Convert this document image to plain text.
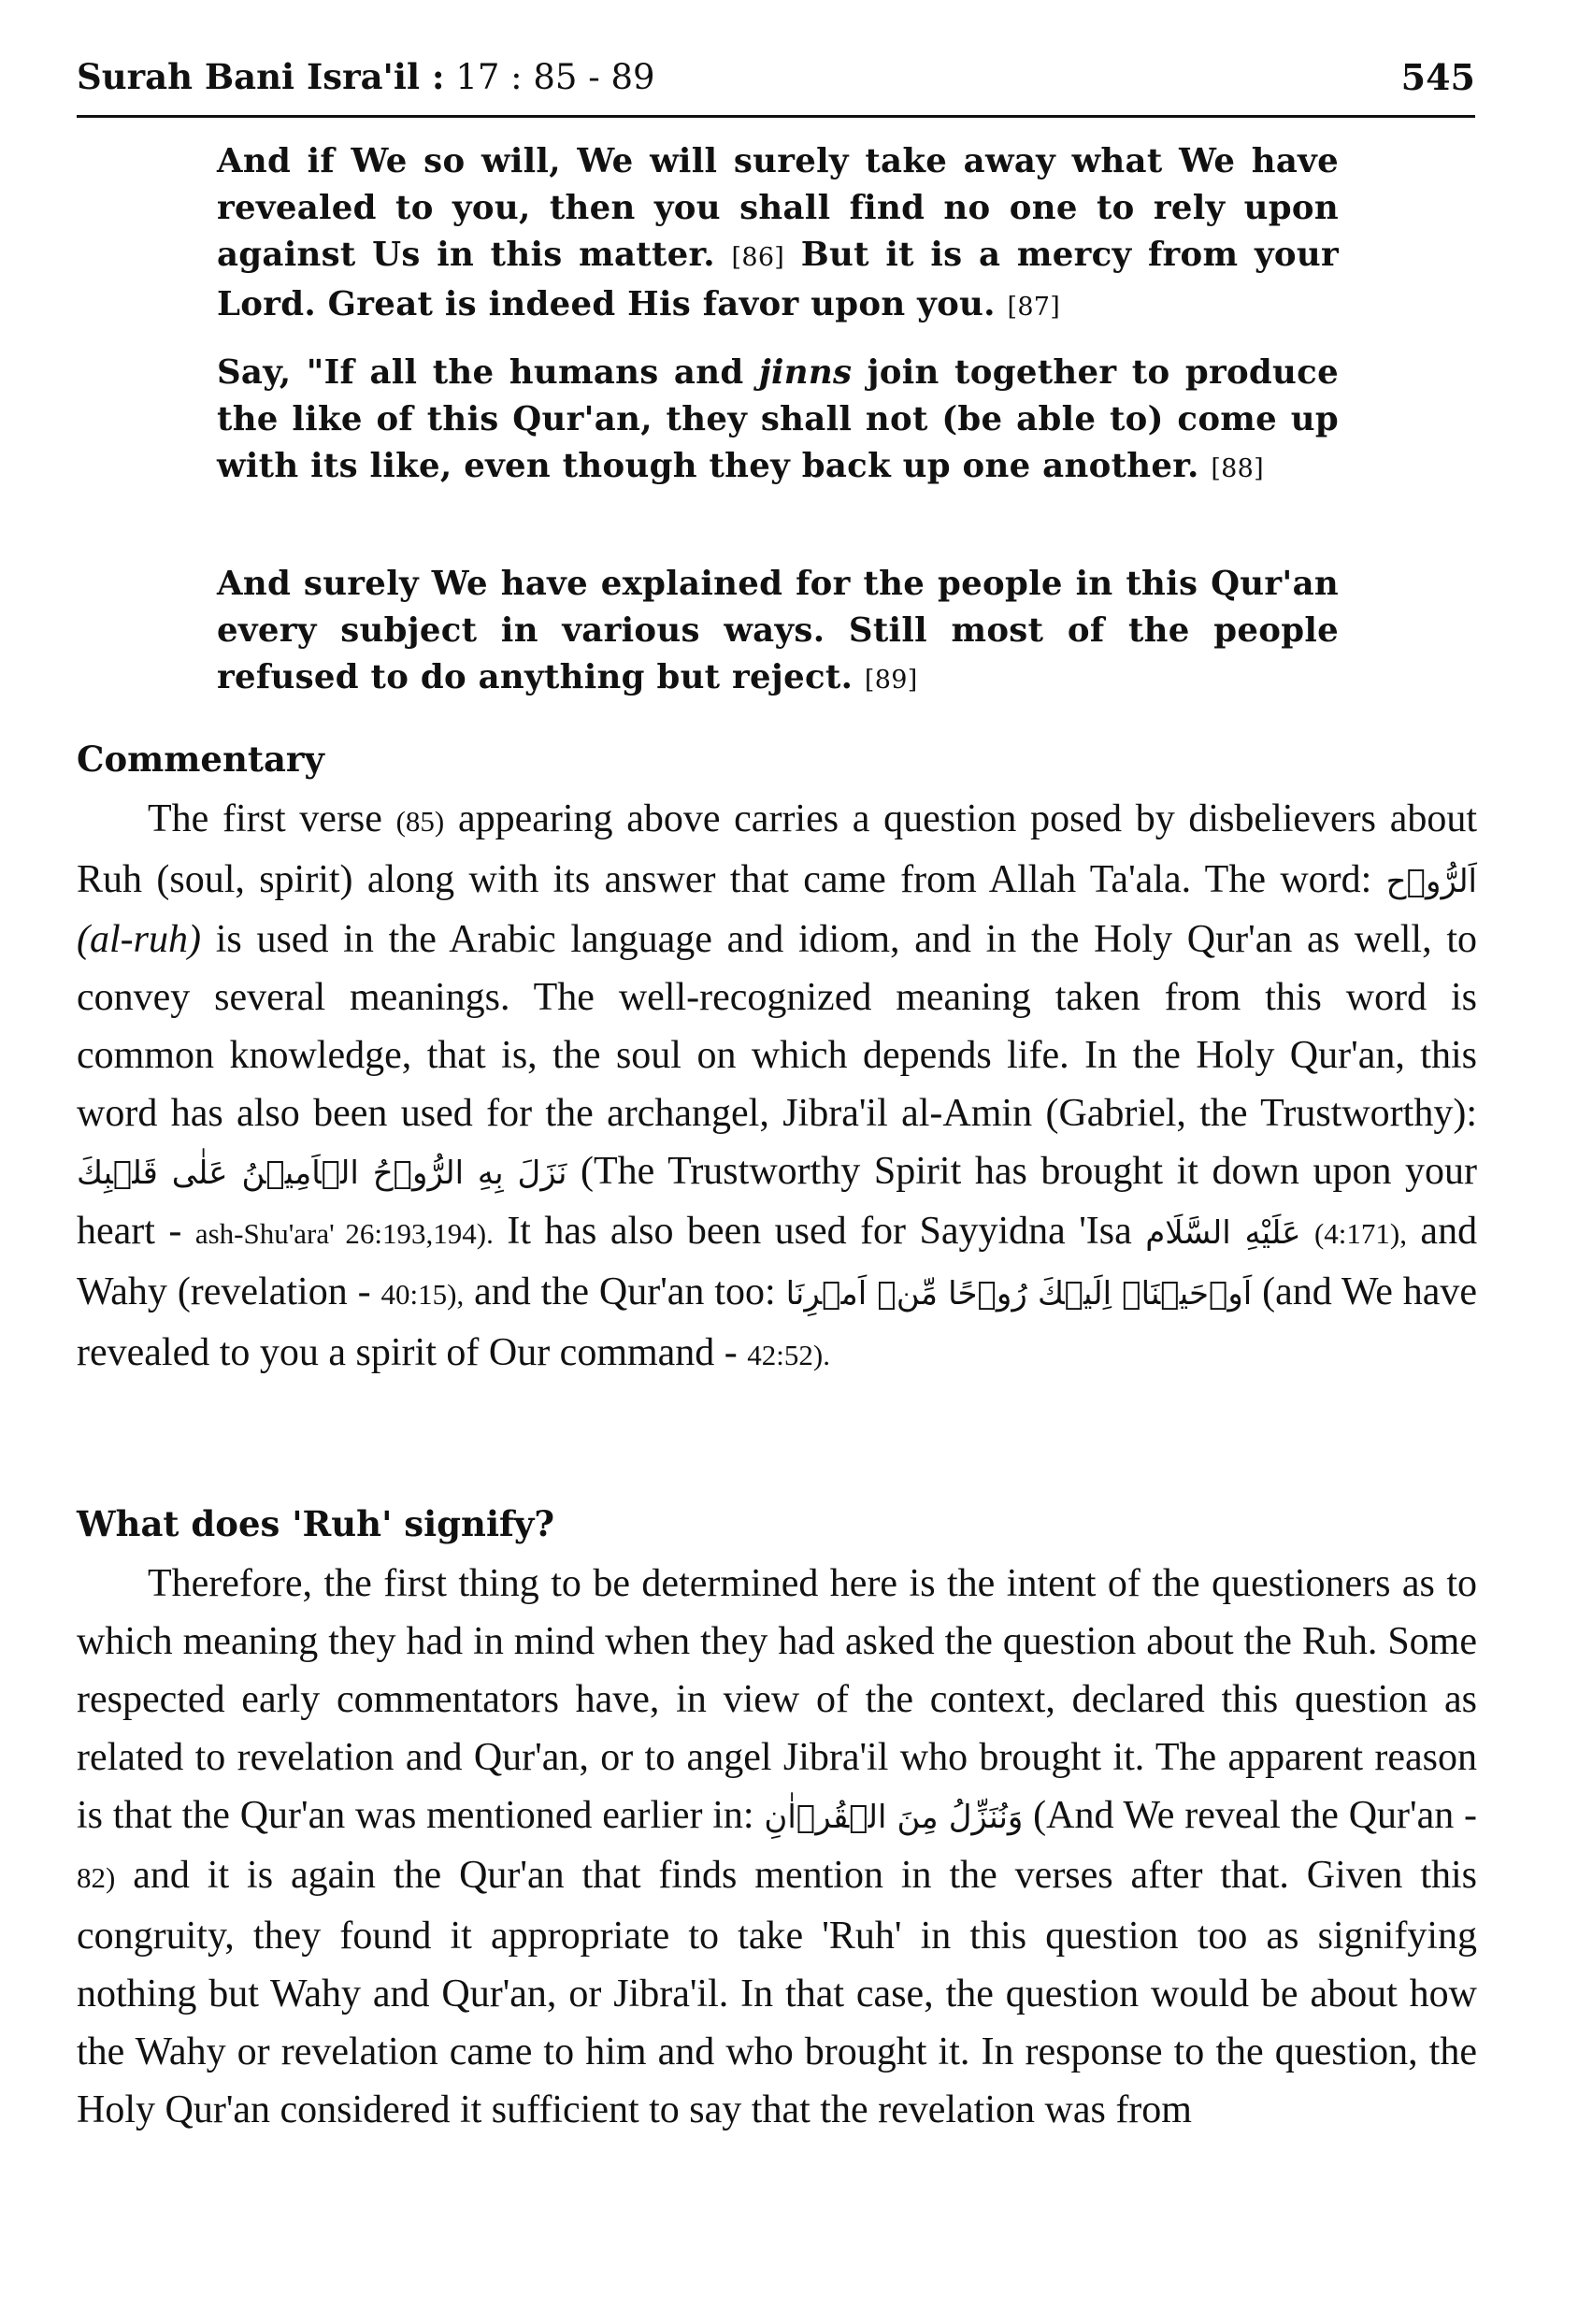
Surah Bani Isra'il : 17 : 85 - 89	545
And if We so will, We will surely take away what We have revealed to you, then you shall find no one to rely upon against Us in this matter. [86] But it is a mercy from your Lord. Great is indeed His favor upon you. [87]
Say, "If all the humans and jinns join together to produce the like of this Qur'an, they shall not (be able to) come up with its like, even though they back up one another. [88]
And surely We have explained for the people in this Qur'an every subject in various ways. Still most of the people refused to do anything but reject. [89]
Commentary
The first verse (85) appearing above carries a question posed by disbelievers about Ruh (soul, spirit) along with its answer that came from Allah Ta'ala. The word: اَلرُّوۡح (al-ruh) is used in the Arabic language and idiom, and in the Holy Qur'an as well, to convey several meanings. The well-recognized meaning taken from this word is common knowledge, that is, the soul on which depends life. In the Holy Qur'an, this word has also been used for the archangel, Jibra'il al-Amin (Gabriel, the Trustworthy): نَزَلَ بِهِ الرُّوۡحُ الۡاَمِیۡنُ عَلٰی قَلۡبِكَ (The Trustworthy Spirit has brought it down upon your heart - ash-Shu'ara' 26:193,194). It has also been used for Sayyidna 'Isa عَلَيْهِ السَّلَام (4:171), and Wahy (revelation - 40:15), and the Qur'an too: اَوۡحَیۡنَاۤ اِلَیۡكَ رُوۡحًا مِّنۡ اَمۡرِنَا (and We have revealed to you a spirit of Our command - 42:52).
What does 'Ruh' signify?
Therefore, the first thing to be determined here is the intent of the questioners as to which meaning they had in mind when they had asked the question about the Ruh. Some respected early commentators have, in view of the context, declared this question as related to revelation and Qur'an, or to angel Jibra'il who brought it. The apparent reason is that the Qur'an was mentioned earlier in: وَنُنَزِّلُ مِنَ الۡقُرۡاٰنِ (And We reveal the Qur'an - 82) and it is again the Qur'an that finds mention in the verses after that. Given this congruity, they found it appropriate to take 'Ruh' in this question too as signifying nothing but Wahy and Qur'an, or Jibra'il. In that case, the question would be about how the Wahy or revelation came to him and who brought it. In response to the question, the Holy Qur'an considered it sufficient to say that the revelation was from
